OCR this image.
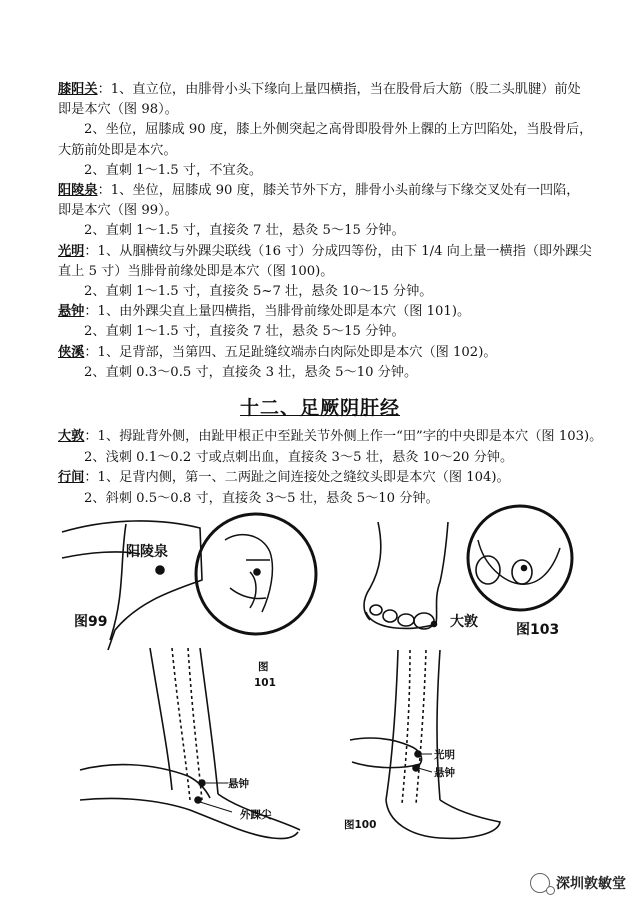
膝阳关：1、直立位，由腓骨小头下缘向上量四横指，当在股骨后大筋（股二头肌腱）前处

即是本穴（图 98）。

2、坐位，屈膝成 90 度，膝上外侧突起之高骨即股骨外上髁的上方凹陷处，当股骨后，

大筋前处即是本穴。

2、直刺 1～1.5 寸，不宜灸。

阳陵泉：1、坐位，屈膝成 90 度，膝关节外下方，腓骨小头前缘与下缘交叉处有一凹陷，

即是本穴（图 99）。

2、直刺 1～1.5 寸，直接灸 7 壮，悬灸 5～15 分钟。

光明：1、从腘横纹与外踝尖联线（16 寸）分成四等份，由下 1/4 向上量一横指（即外踝尖

直上 5 寸）当腓骨前缘处即是本穴（图 100)。

2、直刺 1～1.5 寸，直接灸 5~7 壮，悬灸 10～15 分钟。

悬钟：1、由外踝尖直上量四横指，当腓骨前缘处即是本穴（图 101)。

2、直刺 1～1.5 寸，直接灸 7 壮，悬灸 5～15 分钟。

侠溪：1、足背部，当第四、五足趾缝纹端赤白肉际处即是本穴（图 102)。

2、直刺 0.3～0.5 寸，直接灸 3 壮，悬灸 5～10 分钟。

十二、足厥阴肝经

大敦：1、拇趾背外侧，由趾甲根正中至趾关节外侧上作一“田”字的中央即是本穴（图 103)。

2、浅刺 0.1～0.2 寸或点刺出血，直接灸 3～5 壮，悬灸 10～20 分钟。

行间：1、足背内侧，第一、二两趾之间连接处之缝纹头即是本穴（图 104)。

2、斜刺 0.5～0.8 寸，直接灸 3～5 壮，悬灸 5～10 分钟。

阳陵泉
图99	大敦	图103
图
101
悬钟
外踝尖
光明
悬钟
图100
深圳敦敏堂
